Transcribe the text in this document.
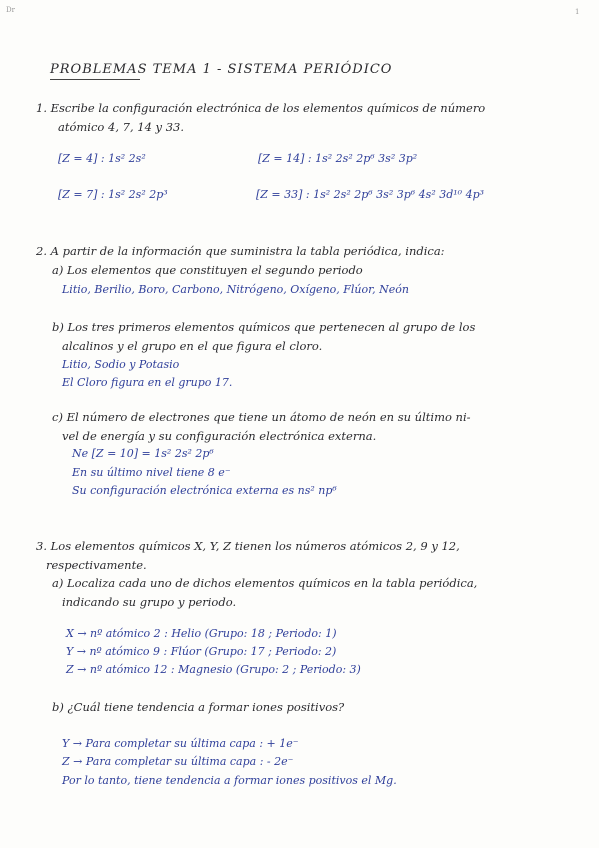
Dr	1
PROBLEMAS TEMA 1 - SISTEMA PERIÓDICO
1. Escribe la configuración electrónica de los elementos químicos de número
atómico 4, 7, 14 y 33.
[Z = 4] : 1s² 2s²	[Z = 14] : 1s² 2s² 2p⁶ 3s² 3p²
[Z = 7] : 1s² 2s² 2p³	[Z = 33] : 1s² 2s² 2p⁶ 3s² 3p⁶ 4s² 3d¹⁰ 4p³
2. A partir de la información que suministra la tabla periódica, indica:
a) Los elementos que constituyen el segundo periodo
Litio, Berilio, Boro, Carbono, Nitrógeno, Oxígeno, Flúor, Neón
b) Los tres primeros elementos químicos que pertenecen al grupo de los
alcalinos y el grupo en el que figura el cloro.
Litio, Sodio y Potasio
El Cloro figura en el grupo 17.
c) El número de electrones que tiene un átomo de neón en su último ni-
vel de energía y su configuración electrónica externa.
Ne [Z = 10] = 1s² 2s² 2p⁶
En su último nivel tiene 8 e⁻
Su configuración electrónica externa es ns² np⁶
3. Los elementos químicos X, Y, Z tienen los números atómicos 2, 9 y 12,
respectivamente.
a) Localiza cada uno de dichos elementos químicos en la tabla periódica,
indicando su grupo y periodo.
X → nº atómico 2 : Helio (Grupo: 18 ; Periodo: 1)
Y → nº atómico 9 : Flúor (Grupo: 17 ; Periodo: 2)
Z → nº atómico 12 : Magnesio (Grupo: 2 ; Periodo: 3)
b) ¿Cuál tiene tendencia a formar iones positivos?
Y → Para completar su última capa : + 1e⁻
Z → Para completar su última capa : - 2e⁻
Por lo tanto, tiene tendencia a formar iones positivos el Mg.
